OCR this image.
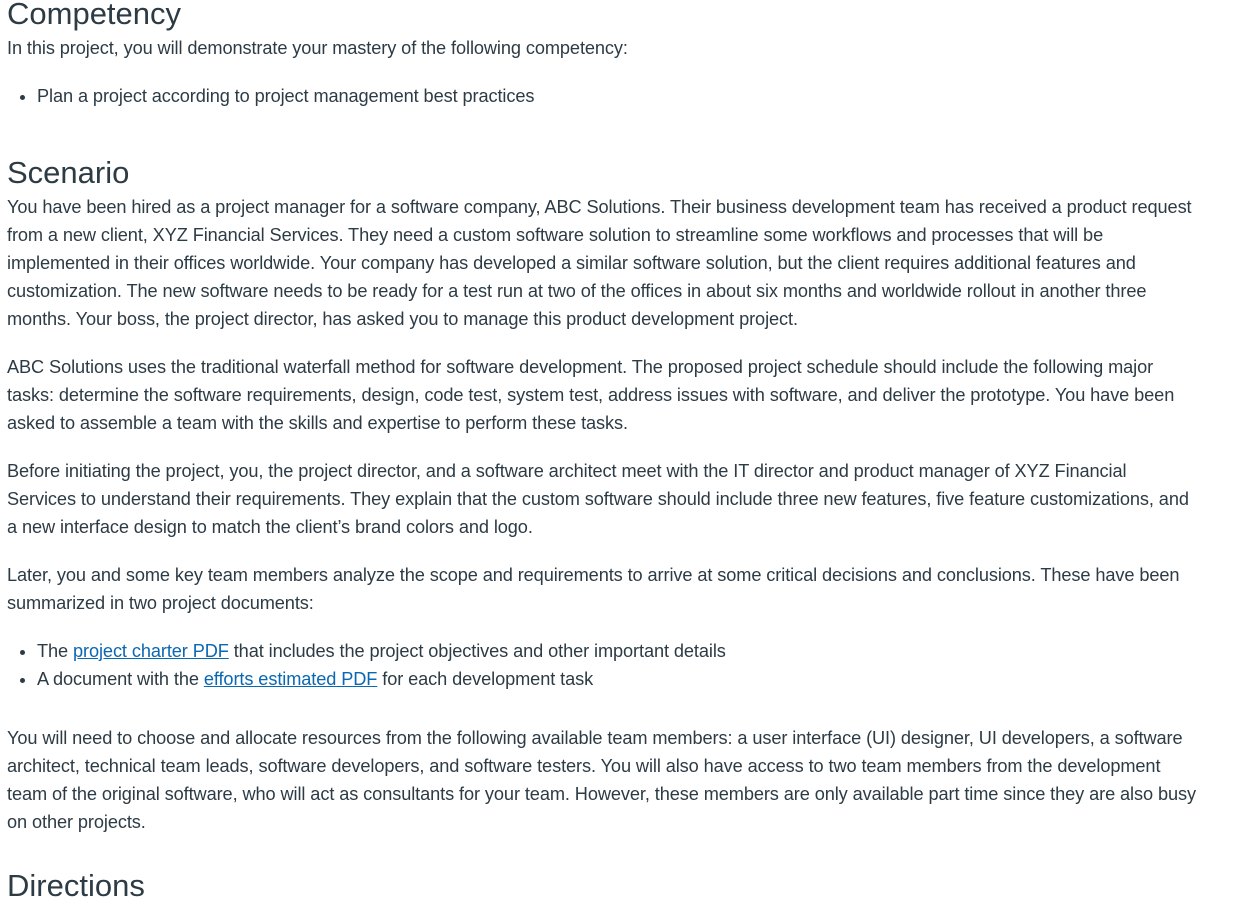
Competency

In this project, you will demonstrate your mastery of the following competency:

• Plan a project according to project management best practices
Scenario

You have been hired as a project manager for a software company, ABC Solutions. Their business development team has received a product request from a new client, XYZ Financial Services. They need a custom software solution to streamline some workflows and processes that will be implemented in their offices worldwide. Your company has developed a similar software solution, but the client requires additional features and customization. The new software needs to be ready for a test run at two of the offices in about six months and worldwide rollout in another three months. Your boss, the project director, has asked you to manage this product development project.

ABC Solutions uses the traditional waterfall method for software development. The proposed project schedule should include the following major tasks: determine the software requirements, design, code test, system test, address issues with software, and deliver the prototype. You have been asked to assemble a team with the skills and expertise to perform these tasks.

Before initiating the project, you, the project director, and a software architect meet with the IT director and product manager of XYZ Financial Services to understand their requirements. They explain that the custom software should include three new features, five feature customizations, and a new interface design to match the client’s brand colors and logo.

Later, you and some key team members analyze the scope and requirements to arrive at some critical decisions and conclusions. These have been summarized in two project documents:

• The project charter PDF that includes the project objectives and other important details
• A document with the efforts estimated PDF for each development task

You will need to choose and allocate resources from the following available team members: a user interface (UI) designer, UI developers, a software architect, technical team leads, software developers, and software testers. You will also have access to two team members from the development team of the original software, who will act as consultants for your team. However, these members are only available part time since they are also busy on other projects.

Directions
